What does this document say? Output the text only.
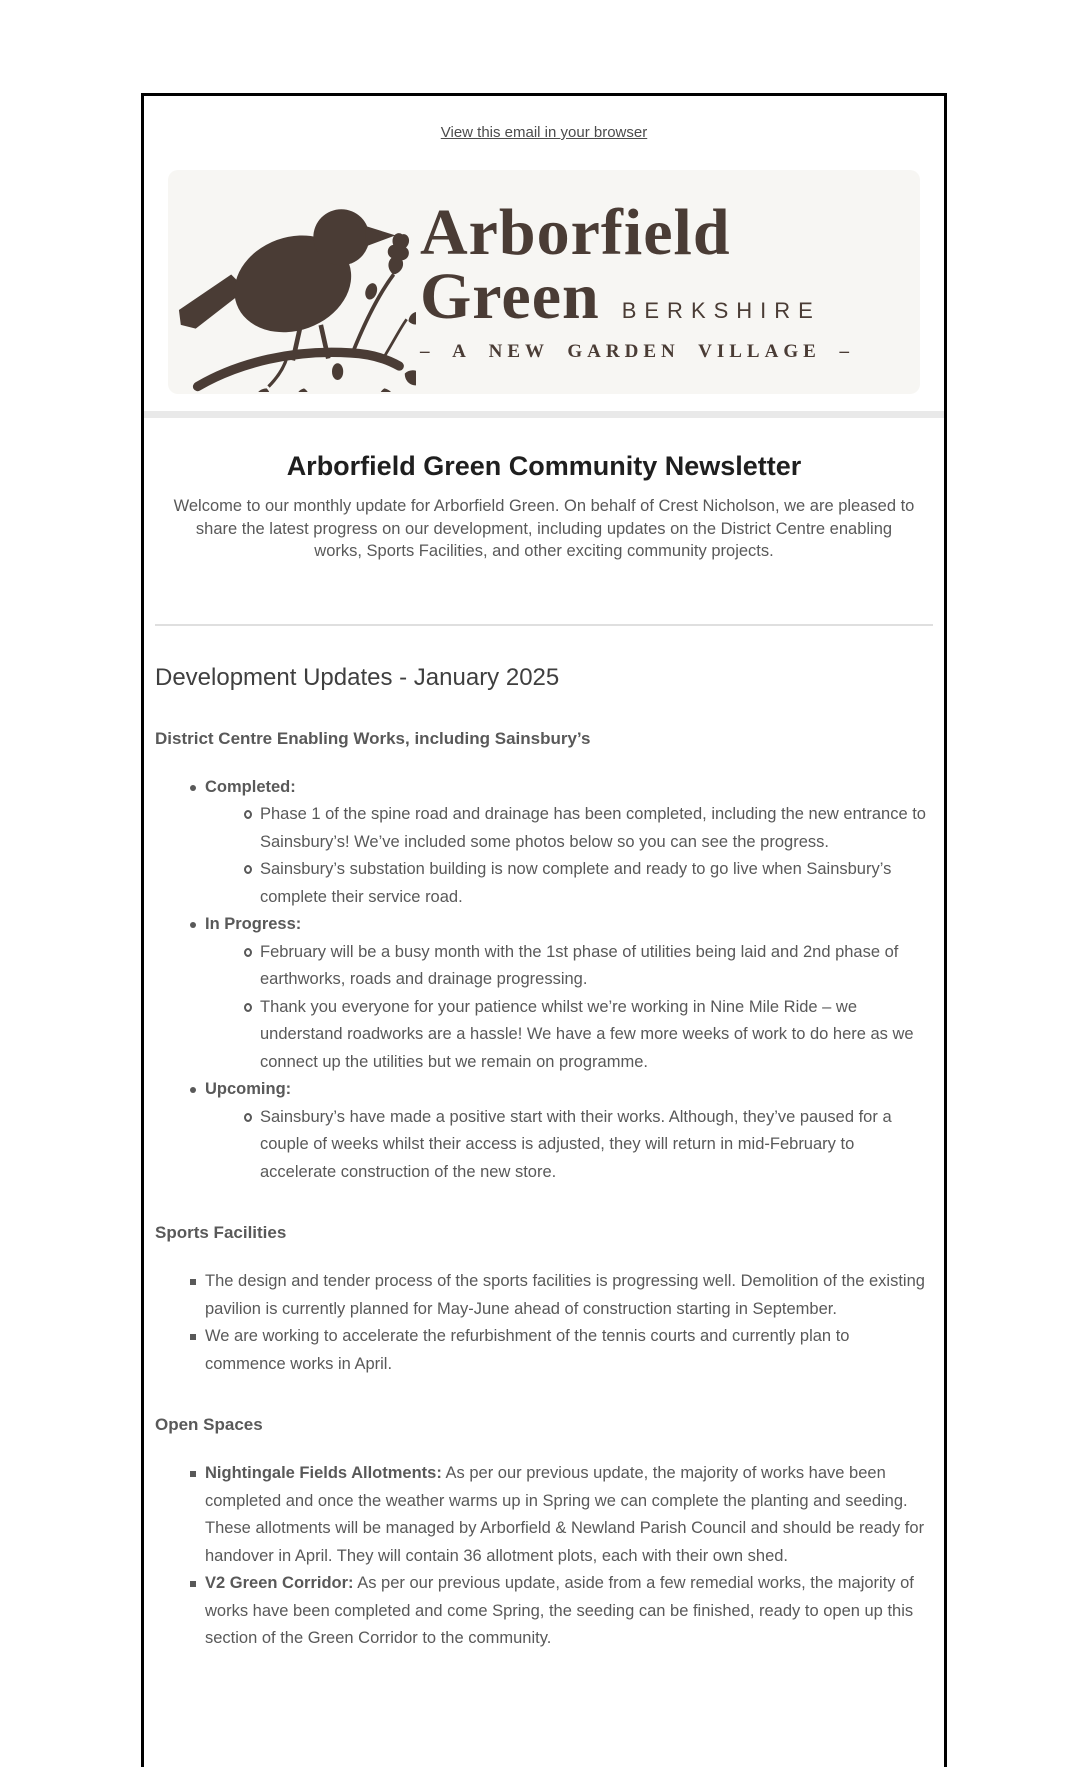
View this email in your browser
Arborfield
Green BERKSHIRE
– A NEW GARDEN VILLAGE –
Arborfield Green Community Newsletter

Welcome to our monthly update for Arborfield Green. On behalf of Crest Nicholson, we are pleased to share the latest progress on our development, including updates on the District Centre enabling works, Sports Facilities, and other exciting community projects.

Development Updates - January 2025
District Centre Enabling Works, including Sainsbury’s
Completed:
Phase 1 of the spine road and drainage has been completed, including the new entrance to Sainsbury’s! We’ve included some photos below so you can see the progress.
Sainsbury’s substation building is now complete and ready to go live when Sainsbury’s complete their service road.
In Progress:
February will be a busy month with the 1st phase of utilities being laid and 2nd phase of earthworks, roads and drainage progressing.
Thank you everyone for your patience whilst we’re working in Nine Mile Ride – we understand roadworks are a hassle! We have a few more weeks of work to do here as we connect up the utilities but we remain on programme.
Upcoming:
Sainsbury’s have made a positive start with their works. Although, they’ve paused for a couple of weeks whilst their access is adjusted, they will return in mid-February to accelerate construction of the new store.
Sports Facilities
The design and tender process of the sports facilities is progressing well. Demolition of the existing pavilion is currently planned for May-June ahead of construction starting in September.
We are working to accelerate the refurbishment of the tennis courts and currently plan to commence works in April.
Open Spaces
Nightingale Fields Allotments: As per our previous update, the majority of works have been completed and once the weather warms up in Spring we can complete the planting and seeding. These allotments will be managed by Arborfield & Newland Parish Council and should be ready for handover in April. They will contain 36 allotment plots, each with their own shed.
V2 Green Corridor: As per our previous update, aside from a few remedial works, the majority of works have been completed and come Spring, the seeding can be finished, ready to open up this section of the Green Corridor to the community.
